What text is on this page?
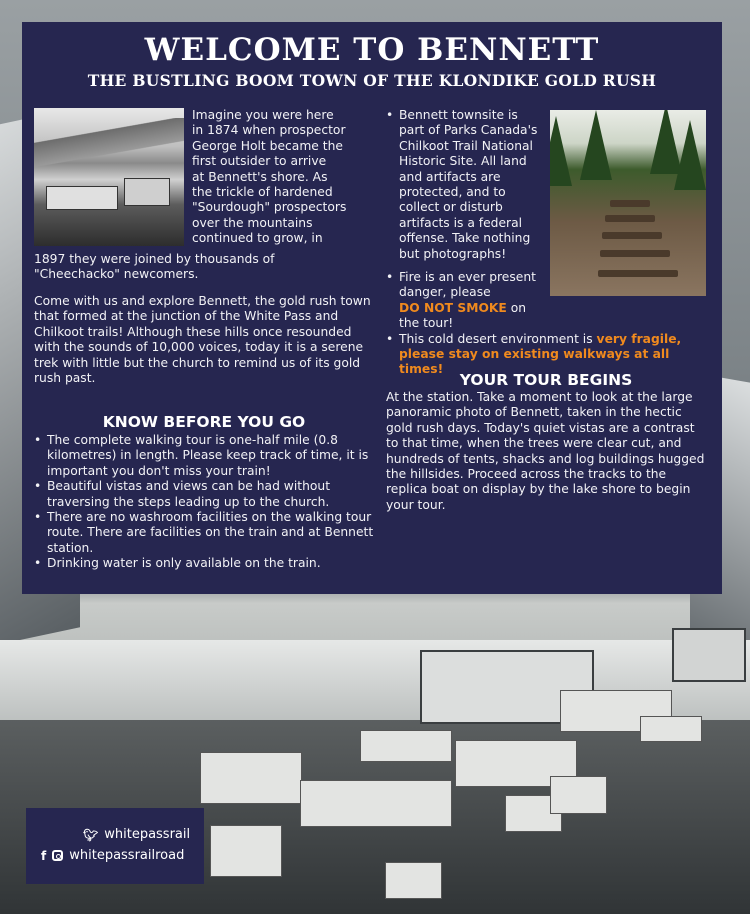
WELCOME TO BENNETT
THE BUSTLING BOOM TOWN OF THE KLONDIKE GOLD RUSH
Imagine you were here
in 1874 when prospector
George Holt became the
first outsider to arrive
at Bennett's shore. As
the trickle of hardened
"Sourdough" prospectors
over the mountains
continued to grow, in
1897 they were joined by thousands of "Cheechacko" newcomers.
Come with us and explore Bennett, the gold rush town that formed at the junction of the White Pass and Chilkoot trails! Although these hills once resounded with the sounds of 10,000 voices, today it is a serene trek with little but the church to remind us of its gold rush past.
KNOW BEFORE YOU GO
• The complete walking tour is one-half mile (0.8 kilometres) in length. Please keep track of time, it is important you don't miss your train!
• Beautiful vistas and views can be had without traversing the steps leading up to the church.
• There are no washroom facilities on the walking tour route. There are facilities on the train and at Bennett station.
• Drinking water is only available on the train.
• Bennett townsite is part of Parks Canada's Chilkoot Trail National Historic Site. All land and artifacts are protected, and to collect or disturb artifacts is a federal offense. Take nothing but photographs!
• Fire is an ever present danger, please
DO NOT SMOKE on the tour!
• This cold desert environment is very fragile, please stay on existing walkways at all times!
YOUR TOUR BEGINS
At the station. Take a moment to look at the large panoramic photo of Bennett, taken in the hectic gold rush days. Today's quiet vistas are a contrast to that time, when the trees were clear cut, and hundreds of tents, shacks and log buildings hugged the hillsides. Proceed across the tracks to the replica boat on display by the lake shore to begin your tour.
🐦︎ whitepassrail
f whitepassrailroad
